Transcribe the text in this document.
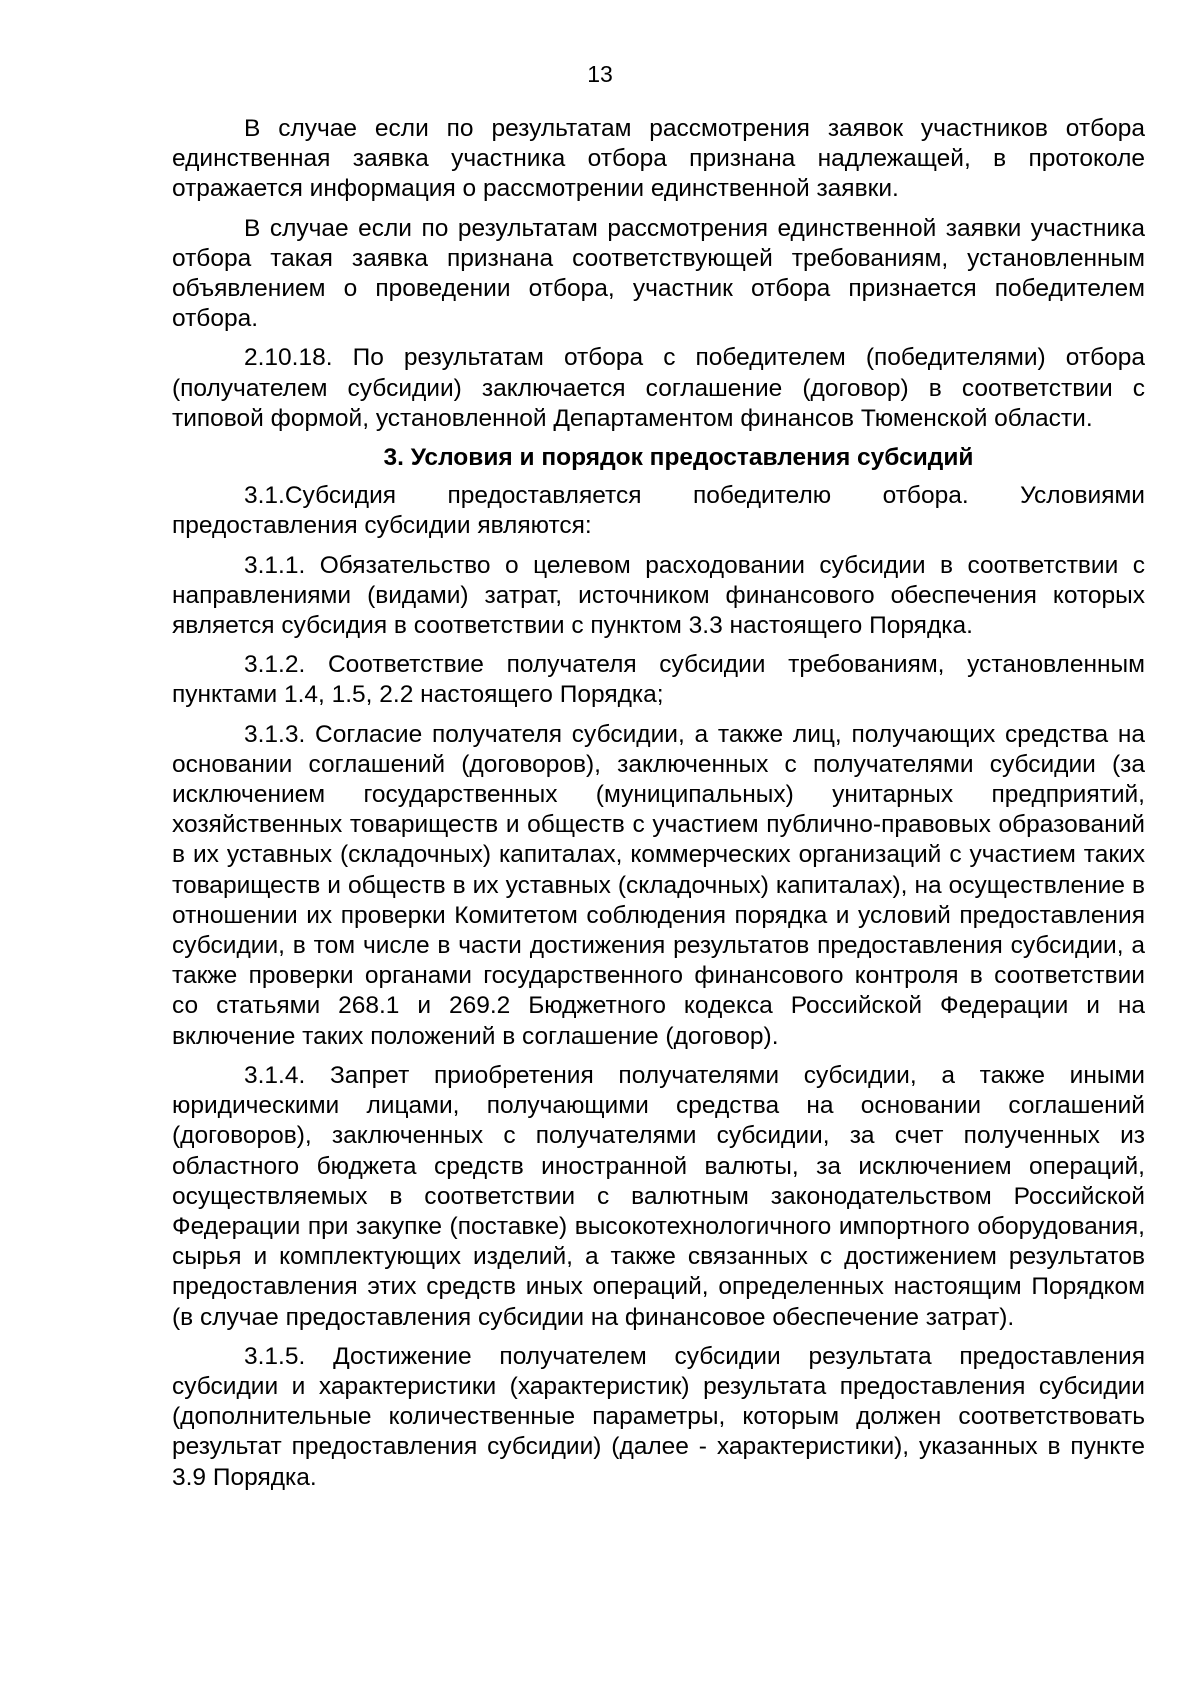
13

В случае если по результатам рассмотрения заявок участников отбора единственная заявка участника отбора признана надлежащей, в протоколе отражается информация о рассмотрении единственной заявки.

В случае если по результатам рассмотрения единственной заявки участника отбора такая заявка признана соответствующей требованиям, установленным объявлением о проведении отбора, участник отбора признается победителем отбора.

2.10.18. По результатам отбора с победителем (победителями) отбора (получателем субсидии) заключается соглашение (договор) в соответствии с типовой формой, установленной Департаментом финансов Тюменской области.

3. Условия и порядок предоставления субсидий

3.1.Субсидия предоставляется победителю отбора. Условиями предоставления субсидии являются:

3.1.1. Обязательство о целевом расходовании субсидии в соответствии с направлениями (видами) затрат, источником финансового обеспечения которых является субсидия в соответствии с пунктом 3.3 настоящего Порядка.

3.1.2. Соответствие получателя субсидии требованиям, установленным пунктами 1.4, 1.5, 2.2 настоящего Порядка;

3.1.3. Согласие получателя субсидии, а также лиц, получающих средства на основании соглашений (договоров), заключенных с получателями субсидии (за исключением государственных (муниципальных) унитарных предприятий, хозяйственных товариществ и обществ с участием публично-правовых образований в их уставных (складочных) капиталах, коммерческих организаций с участием таких товариществ и обществ в их уставных (складочных) капиталах), на осуществление в отношении их проверки Комитетом соблюдения порядка и условий предоставления субсидии, в том числе в части достижения результатов предоставления субсидии, а также проверки органами государственного финансового контроля в соответствии со статьями 268.1 и 269.2 Бюджетного кодекса Российской Федерации и на включение таких положений в соглашение (договор).

3.1.4. Запрет приобретения получателями субсидии, а также иными юридическими лицами, получающими средства на основании соглашений (договоров), заключенных с получателями субсидии, за счет полученных из областного бюджета средств иностранной валюты, за исключением операций, осуществляемых в соответствии с валютным законодательством Российской Федерации при закупке (поставке) высокотехнологичного импортного оборудования, сырья и комплектующих изделий, а также связанных с достижением результатов предоставления этих средств иных операций, определенных настоящим Порядком (в случае предоставления субсидии на финансовое обеспечение затрат).

3.1.5. Достижение получателем субсидии результата предоставления субсидии и характеристики (характеристик) результата предоставления субсидии (дополнительные количественные параметры, которым должен соответствовать результат предоставления субсидии) (далее - характеристики), указанных в пункте 3.9 Порядка.
